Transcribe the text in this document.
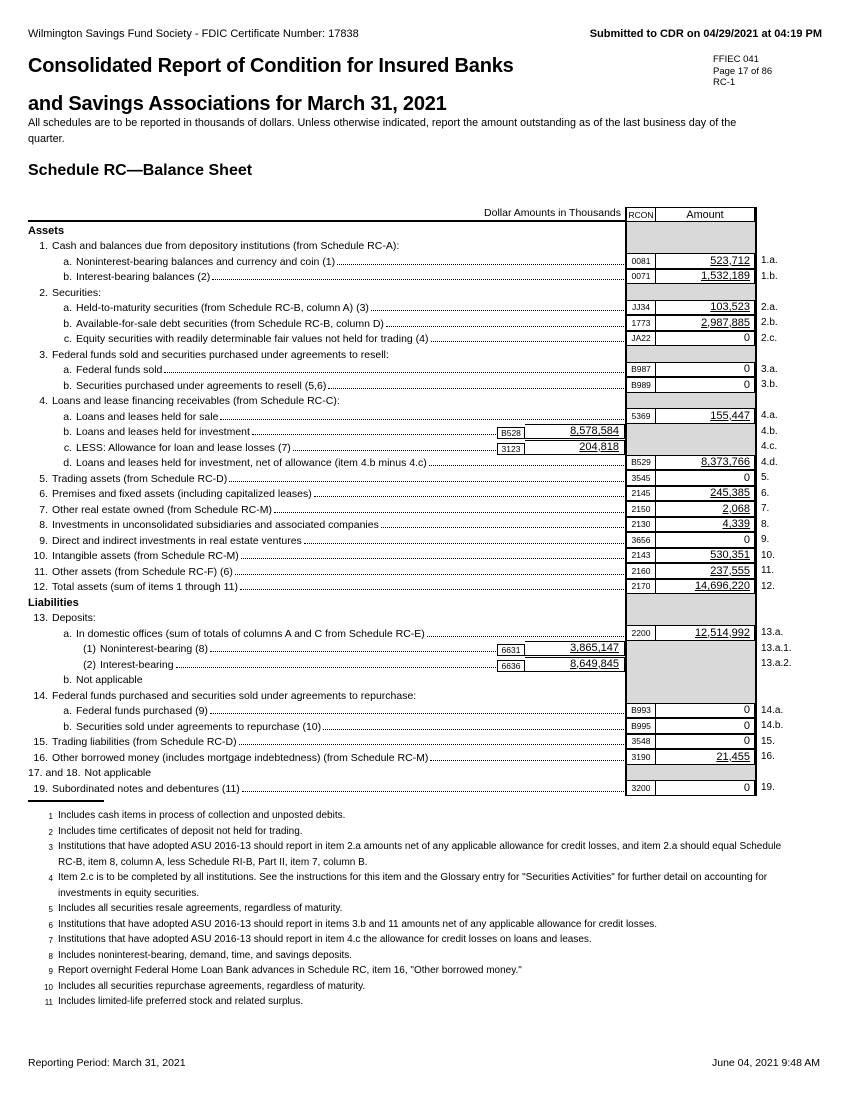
Wilmington Savings Fund Society - FDIC Certificate Number: 17838	Submitted to CDR on 04/29/2021 at 04:19 PM
Consolidated Report of Condition for Insured Banks
and Savings Associations for March 31, 2021
FFIEC 041
Page 17 of 86
RC-1
All schedules are to be reported in thousands of dollars. Unless otherwise indicated, report the amount outstanding as of the last business day of the quarter.
Schedule RC—Balance Sheet
Dollar Amounts in Thousands RCON	Amount
Assets
1. Cash and balances due from depository institutions (from Schedule RC-A):
a. Noninterest-bearing balances and currency and coin (1)	0081	523,712	1.a.
b. Interest-bearing balances (2)	0071	1,532,189	1.b.
2. Securities:
a. Held-to-maturity securities (from Schedule RC-B, column A) (3)	JJ34	103,523	2.a.
b. Available-for-sale debt securities (from Schedule RC-B, column D)	1773	2,987,885	2.b.
c. Equity securities with readily determinable fair values not held for trading (4)	JA22	0	2.c.
3. Federal funds sold and securities purchased under agreements to resell:
a. Federal funds sold	B987	0	3.a.
b. Securities purchased under agreements to resell (5,6)	B989	0	3.b.
4. Loans and lease financing receivables (from Schedule RC-C):
a. Loans and leases held for sale	5369	155,447	4.a.
b. Loans and leases held for investment	B528	8,578,584	4.b.
c. LESS: Allowance for loan and lease losses (7)	3123	204,818	4.c.
d. Loans and leases held for investment, net of allowance (item 4.b minus 4.c)	B529	8,373,766	4.d.
5. Trading assets (from Schedule RC-D)	3545	0	5.
6. Premises and fixed assets (including capitalized leases)	2145	245,385	6.
7. Other real estate owned (from Schedule RC-M)	2150	2,068	7.
8. Investments in unconsolidated subsidiaries and associated companies	2130	4,339	8.
9. Direct and indirect investments in real estate ventures	3656	0	9.
10. Intangible assets (from Schedule RC-M)	2143	530,351	10.
11. Other assets (from Schedule RC-F) (6)	2160	237,555	11.
12. Total assets (sum of items 1 through 11)	2170	14,696,220	12.
Liabilities
13. Deposits:
a. In domestic offices (sum of totals of columns A and C from Schedule RC-E)	2200	12,514,992	13.a.
(1) Noninterest-bearing (8)	6631	3,865,147	13.a.1.
(2) Interest-bearing	6636	8,649,845	13.a.2.
b. Not applicable
14. Federal funds purchased and securities sold under agreements to repurchase:
a. Federal funds purchased (9)	B993	0	14.a.
b. Securities sold under agreements to repurchase (10)	B995	0	14.b.
15. Trading liabilities (from Schedule RC-D)	3548	0	15.
16. Other borrowed money (includes mortgage indebtedness) (from Schedule RC-M)	3190	21,455	16.
17. and 18. Not applicable
19. Subordinated notes and debentures (11)	3200	0	19.
1 Includes cash items in process of collection and unposted debits.
2 Includes time certificates of deposit not held for trading.
3 Institutions that have adopted ASU 2016-13 should report in item 2.a amounts net of any applicable allowance for credit losses, and item 2.a should equal Schedule RC-B, item 8, column A, less Schedule RI-B, Part II, item 7, column B.
4 Item 2.c is to be completed by all institutions. See the instructions for this item and the Glossary entry for "Securities Activities" for further detail on accounting for investments in equity securities.
5 Includes all securities resale agreements, regardless of maturity.
6 Institutions that have adopted ASU 2016-13 should report in items 3.b and 11 amounts net of any applicable allowance for credit losses.
7 Institutions that have adopted ASU 2016-13 should report in item 4.c the allowance for credit losses on loans and leases.
8 Includes noninterest-bearing, demand, time, and savings deposits.
9 Report overnight Federal Home Loan Bank advances in Schedule RC, item 16, "Other borrowed money."
10 Includes all securities repurchase agreements, regardless of maturity.
11 Includes limited-life preferred stock and related surplus.
Reporting Period: March 31, 2021	June 04, 2021 9:48 AM
